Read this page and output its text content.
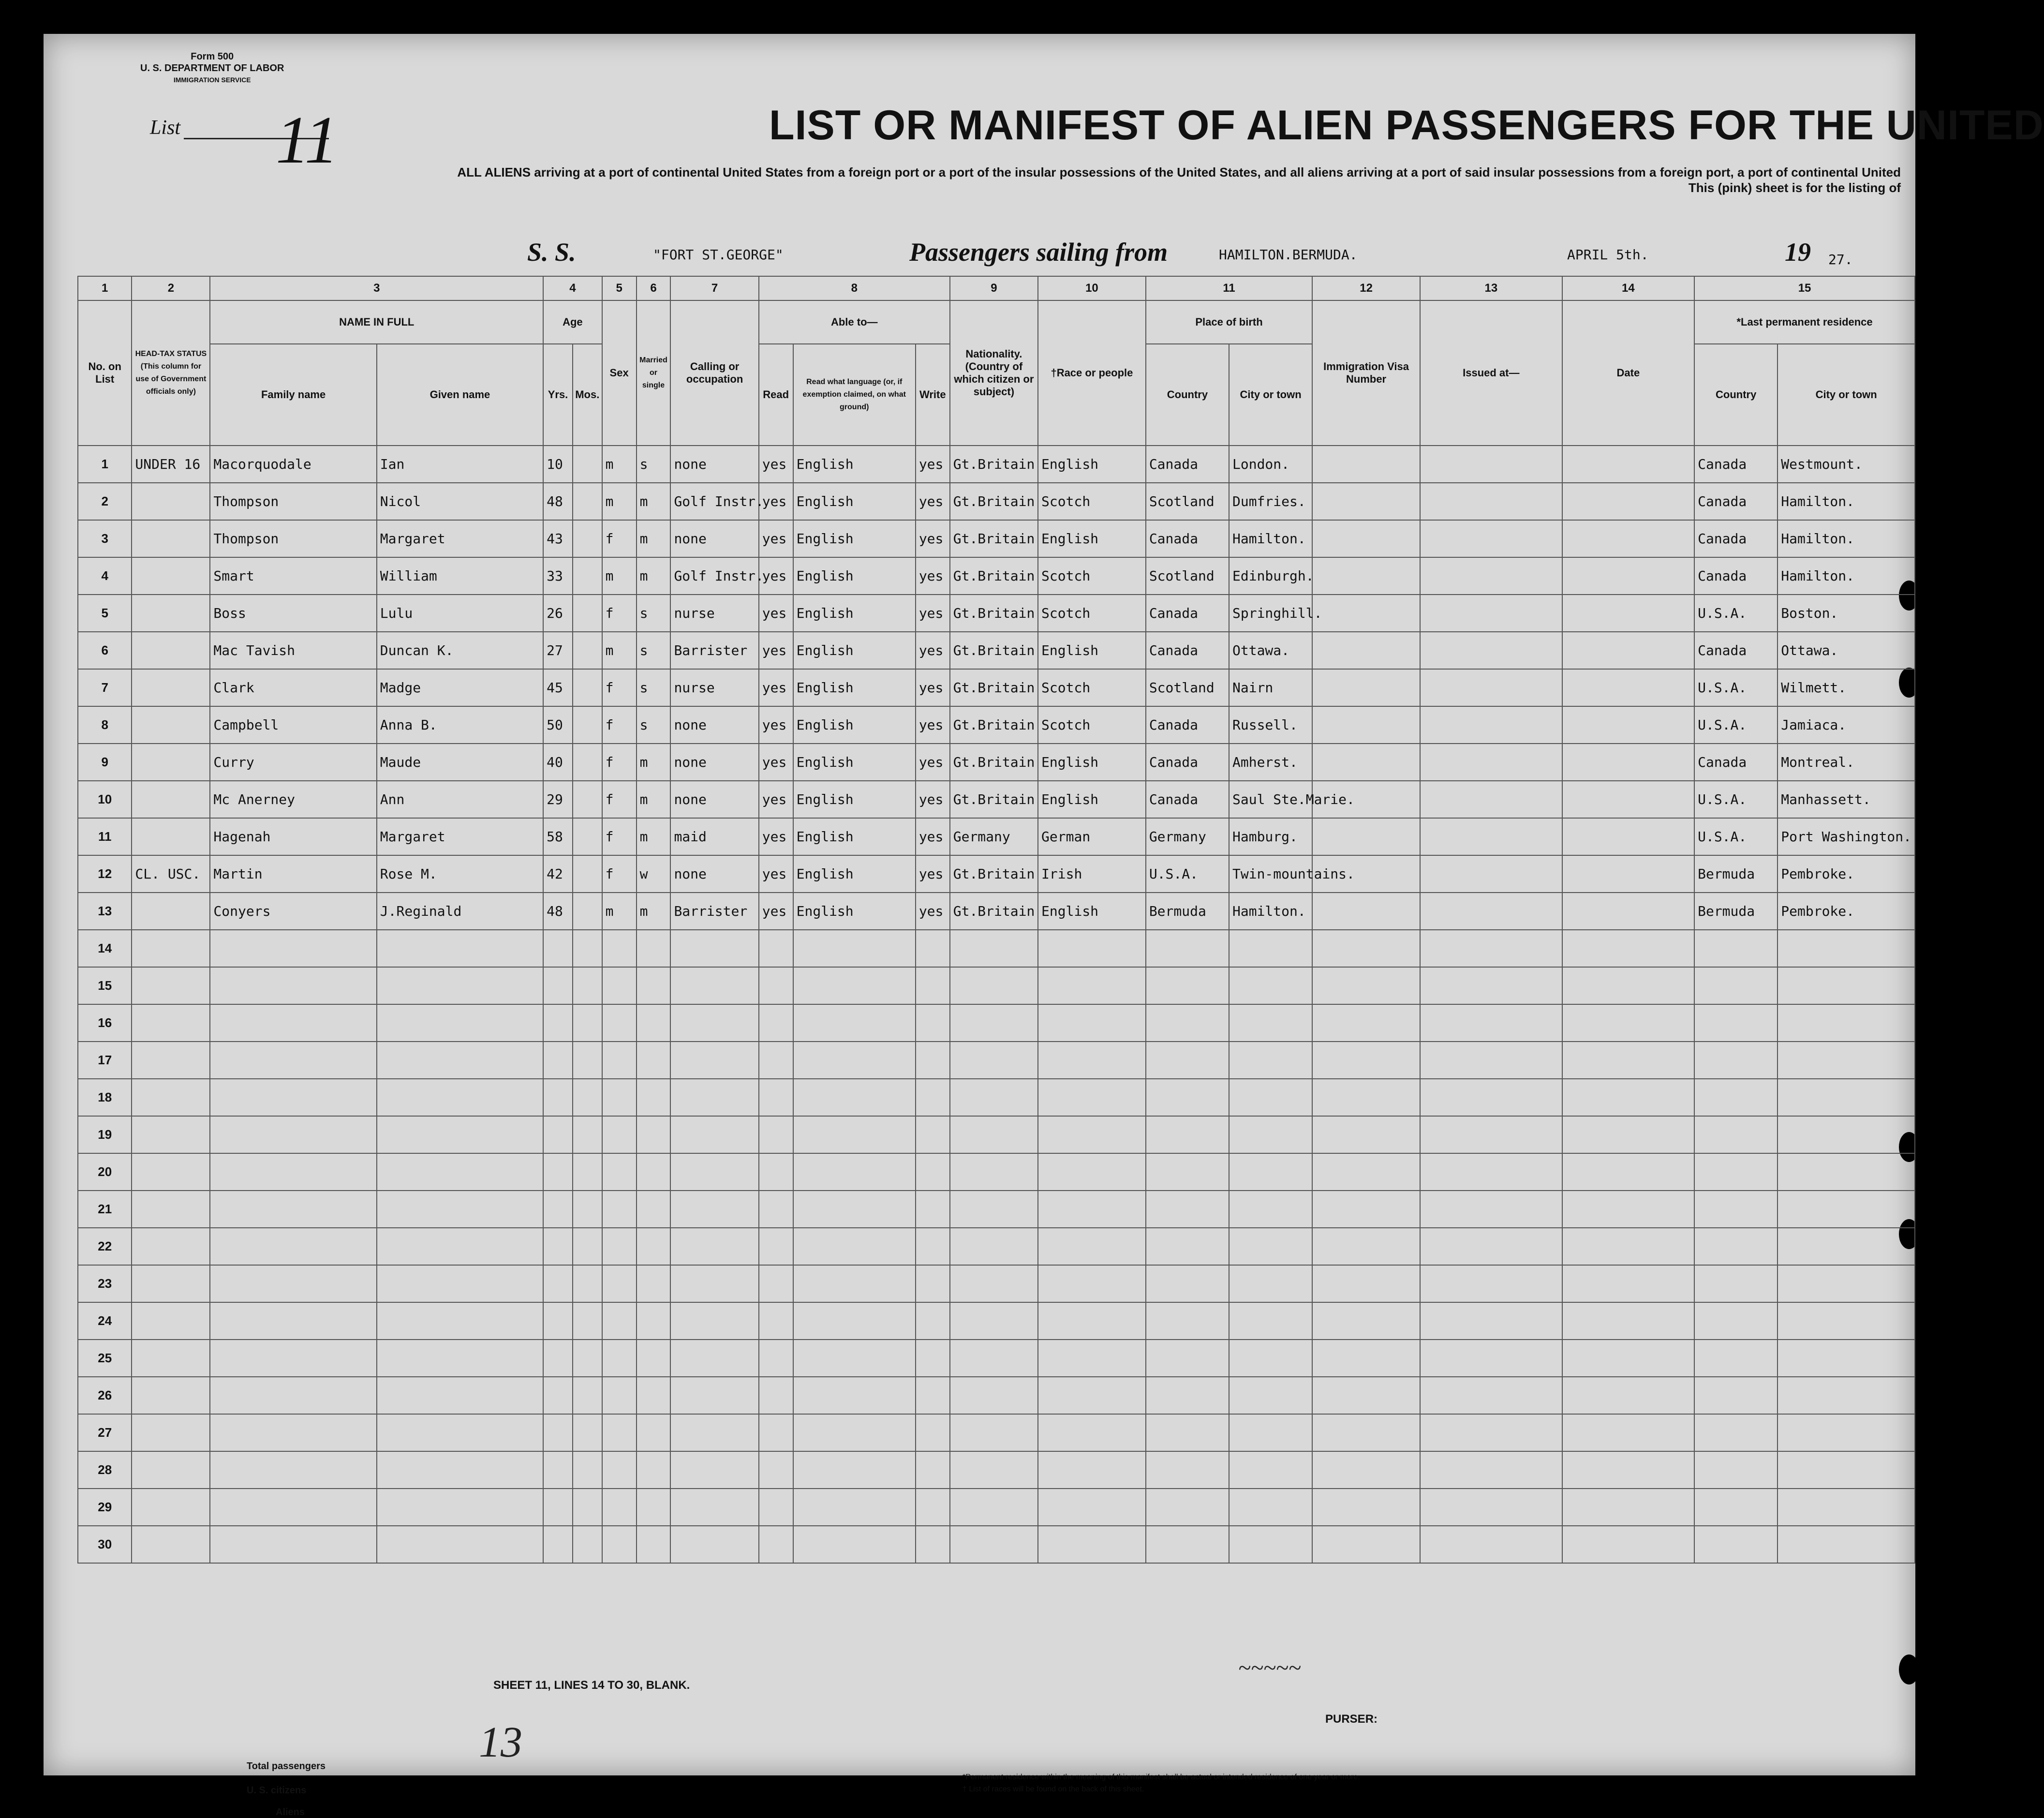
Form 500
U. S. DEPARTMENT OF LABOR
IMMIGRATION SERVICE
List 11	LIST OR MANIFEST OF ALIEN PASSENGERS FOR THE UNITED
ALL ALIENS arriving at a port of continental United States from a foreign port or a port of the insular possessions of the United States, and all aliens arriving at a port of said insular possessions from a foreign port, a port of continental United
This (pink) sheet is for the listing of
S. S.	"FORT ST.GEORGE"	Passengers sailing from	HAMILTON.BERMUDA.	APRIL 5th.	19 27.
1	2	3		4		5	6	7	8			9	10	11		12	13	14	15	
No. on List	HEAD-TAX STATUS (This column for use of Government officials only)	NAME IN FULL		Age		Sex	Married or single	Calling or occupation	Able to—			Nationality. (Country of which citizen or subject)	†Race or people	Place of birth		Immigration Visa Number	Issued at—	Date	*Last permanent residence	
		Family name	Given name	Yrs.	Mos.				Read	Read what language (or, if exemption claimed, on what ground)	Write			Country	City or town				Country	City or town
1	UNDER 16	Macorquodale	Ian	10		m	s	none	yes	English	yes	Gt.Britain	English	Canada	London.				Canada	Westmount.
2		Thompson	Nicol	48		m	m	Golf Instr.	yes	English	yes	Gt.Britain	Scotch	Scotland	Dumfries.				Canada	Hamilton.
3		Thompson	Margaret	43		f	m	none	yes	English	yes	Gt.Britain	English	Canada	Hamilton.				Canada	Hamilton.
4		Smart	William	33		m	m	Golf Instr.	yes	English	yes	Gt.Britain	Scotch	Scotland	Edinburgh.				Canada	Hamilton.
5		Boss	Lulu	26		f	s	nurse	yes	English	yes	Gt.Britain	Scotch	Canada	Springhill.				U.S.A.	Boston.
6		Mac Tavish	Duncan K.	27		m	s	Barrister	yes	English	yes	Gt.Britain	English	Canada	Ottawa.				Canada	Ottawa.
7		Clark	Madge	45		f	s	nurse	yes	English	yes	Gt.Britain	Scotch	Scotland	Nairn				U.S.A.	Wilmett.
8		Campbell	Anna B.	50		f	s	none	yes	English	yes	Gt.Britain	Scotch	Canada	Russell.				U.S.A.	Jamiaca.
9		Curry	Maude	40		f	m	none	yes	English	yes	Gt.Britain	English	Canada	Amherst.				Canada	Montreal.
10		Mc Anerney	Ann	29		f	m	none	yes	English	yes	Gt.Britain	English	Canada	Saul Ste.Marie.				U.S.A.	Manhassett.
11		Hagenah	Margaret	58		f	m	maid	yes	English	yes	Germany	German	Germany	Hamburg.				U.S.A.	Port Washington.
12	CL. USC.	Martin	Rose M.	42		f	w	none	yes	English	yes	Gt.Britain	Irish	U.S.A.	Twin-mountains.				Bermuda	Pembroke.
13		Conyers	J.Reginald	48		m	m	Barrister	yes	English	yes	Gt.Britain	English	Bermuda	Hamilton.				Bermuda	Pembroke.
14																				
15																				
16																				
17																				
18																				
19																				
20																				
21																				
22																				
23																				
24																				
25																				
26																				
27																				
28																				
29																				
30																				
SHEET 11, LINES 14 TO 30, BLANK.
~~~~~
PURSER:
Total passengers	13
U. S. citizens
Aliens
*Permanent residence within the meaning of this manifest shall be actual or intended residence of one year or more.
† List of races will be found on the back of this sheet.
